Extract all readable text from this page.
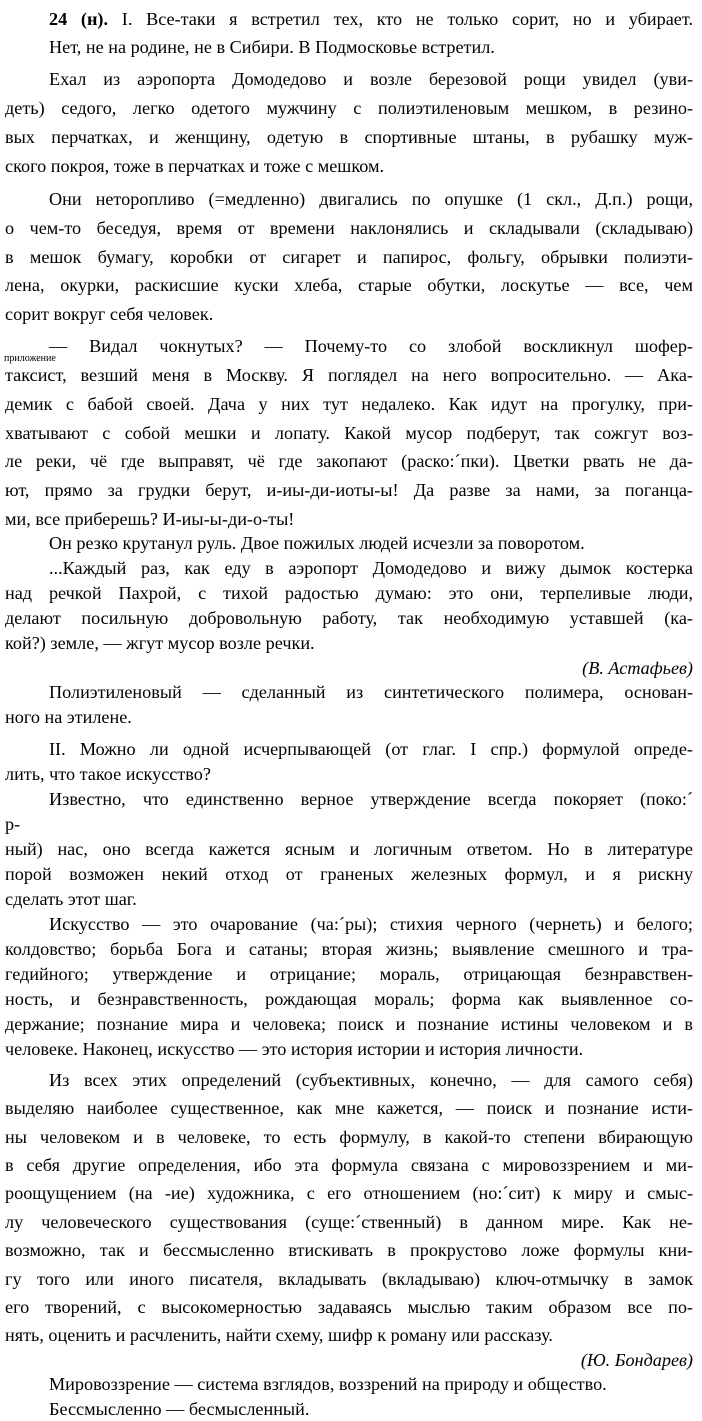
24 (н). I. Все-таки я встретил тех, кто не только сорит, но и убирает.
Нет, не на родине, не в Сибири. В Подмосковье встретил.
Ехал из аэропорта Домодедово и возле березовой рощи увидел (уви-
деть) седого, легко одетого мужчину с полиэтиленовым мешком, в резино-
вых перчатках, и женщину, одетую в спортивные штаны, в рубашку муж-
ского покроя, тоже в перчатках и тоже с мешком.
Они неторопливо (=медленно) двигались по опушке (1 скл., Д.п.) рощи,
о чем-то беседуя, время от времени наклонялись и складывали (складываю)
в мешок бумагу, коробки от сигарет и папирос, фольгу, обрывки полиэти-
лена, окурки, раскисшие куски хлеба, старые обутки, лоскутье — все, чем
сорит вокруг себя человек.
— Видал чокнутых? — Почему-то со злобой воскликнул шофер-
таксист, везший меня в Москву. Я поглядел на него вопросительно. — Ака-
демик с бабой своей. Дача у них тут недалеко. Как идут на прогулку, при-
хватывают с собой мешки и лопату. Какой мусор подберут, так сожгут воз-
ле реки, чё где выправят, чё где закопают (раско:´пки). Цветки рвать не да-
ют, прямо за грудки берут, и-иы-ди-иоты-ы! Да разве за нами, за поганца-
ми, все приберешь? И-иы-ы-ди-о-ты!
Он резко крутанул руль. Двое пожилых людей исчезли за поворотом.
...Каждый раз, как еду в аэропорт Домодедово и вижу дымок костерка
над речкой Пахрой, с тихой радостью думаю: это они, терпеливые люди,
делают посильную добровольную работу, так необходимую уставшей (ка-
кой?) земле, — жгут мусор возле речки.
Полиэтиленовый — сделанный из синтетического полимера, основан-
ного на этилене.
II. Можно ли одной исчерпывающей (от глаг. I спр.) формулой опреде-
лить, что такое искусство?
Известно, что единственно верное утверждение всегда покоряет (поко:´
р-
ный) нас, оно всегда кажется ясным и логичным ответом. Но в литературе
порой возможен некий отход от граненых железных формул, и я рискну
сделать этот шаг.
Искусство — это очарование (ча:´ры); стихия черного (чернеть) и белого;
колдовство; борьба Бога и сатаны; вторая жизнь; выявление смешного и тра-
гедийного; утверждение и отрицание; мораль, отрицающая безнравствен-
ность, и безнравственность, рождающая мораль; форма как выявленное со-
держание; познание мира и человека; поиск и познание истины человеком и в
человеке. Наконец, искусство — это история истории и история личности.
Из всех этих определений (субъективных, конечно, — для самого себя)
выделяю наиболее существенное, как мне кажется, — поиск и познание исти-
ны человеком и в человеке, то есть формулу, в какой-то степени вбирающую
в себя другие определения, ибо эта формула связана с мировоззрением и ми-
роощущением (на -ие) художника, с его отношением (но:´сит) к миру и смыс-
лу человеческого существования (суще:´ственный) в данном мире. Как не-
возможно, так и бессмысленно втискивать в прокрустово ложе формулы кни-
гу того или иного писателя, вкладывать (вкладываю) ключ-отмычку в замок
его творений, с высокомерностью задаваясь мыслью таким образом все по-
нять, оценить и расчленить, найти схему, шифр к роману или рассказу.
Мировоззрение — система взглядов, воззрений на природу и общество.
Бессмысленно — бесмысленный.
(В. Астафьев)
(Ю. Бондарев)
приложение
